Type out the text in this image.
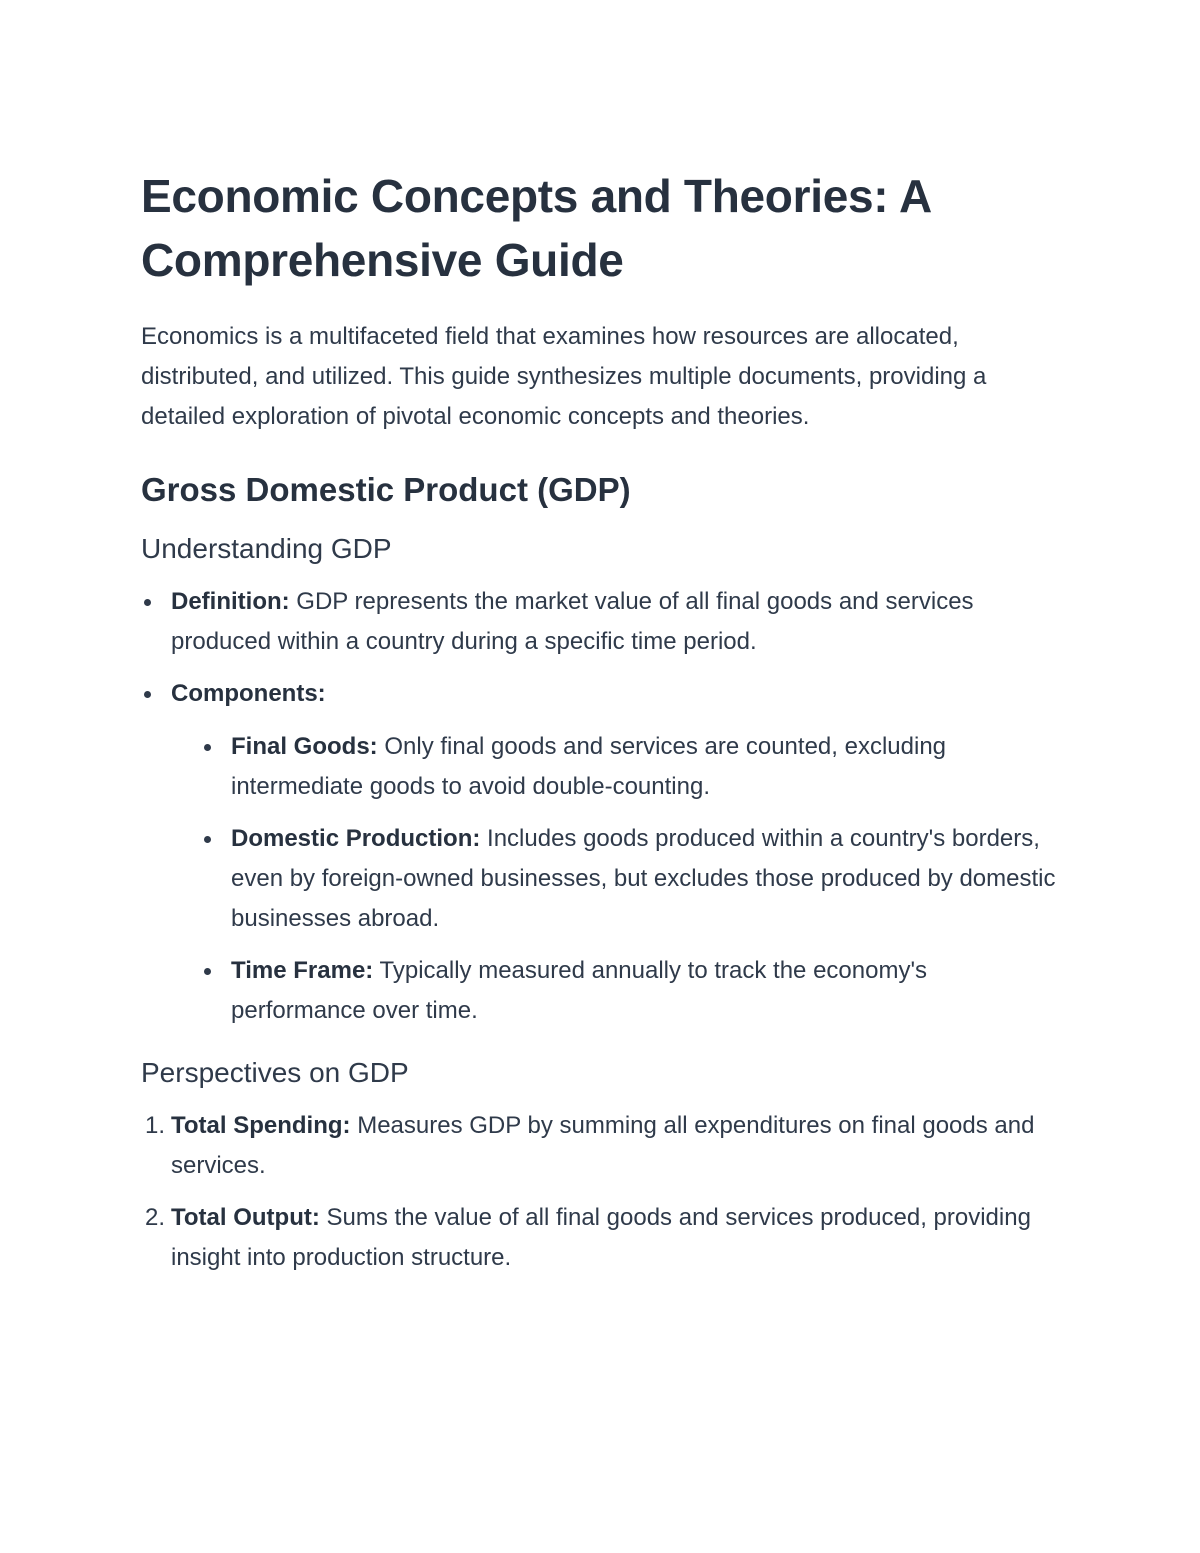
Economic Concepts and Theories: A Comprehensive Guide

Economics is a multifaceted field that examines how resources are allocated, distributed, and utilized. This guide synthesizes multiple documents, providing a detailed exploration of pivotal economic concepts and theories.

Gross Domestic Product (GDP)
Understanding GDP
Definition: GDP represents the market value of all final goods and services produced within a country during a specific time period.
Components:
Final Goods: Only final goods and services are counted, excluding intermediate goods to avoid double-counting.
Domestic Production: Includes goods produced within a country's borders, even by foreign-owned businesses, but excludes those produced by domestic businesses abroad.
Time Frame: Typically measured annually to track the economy's performance over time.
Perspectives on GDP
1. Total Spending: Measures GDP by summing all expenditures on final goods and services.
2. Total Output: Sums the value of all final goods and services produced, providing insight into production structure.
